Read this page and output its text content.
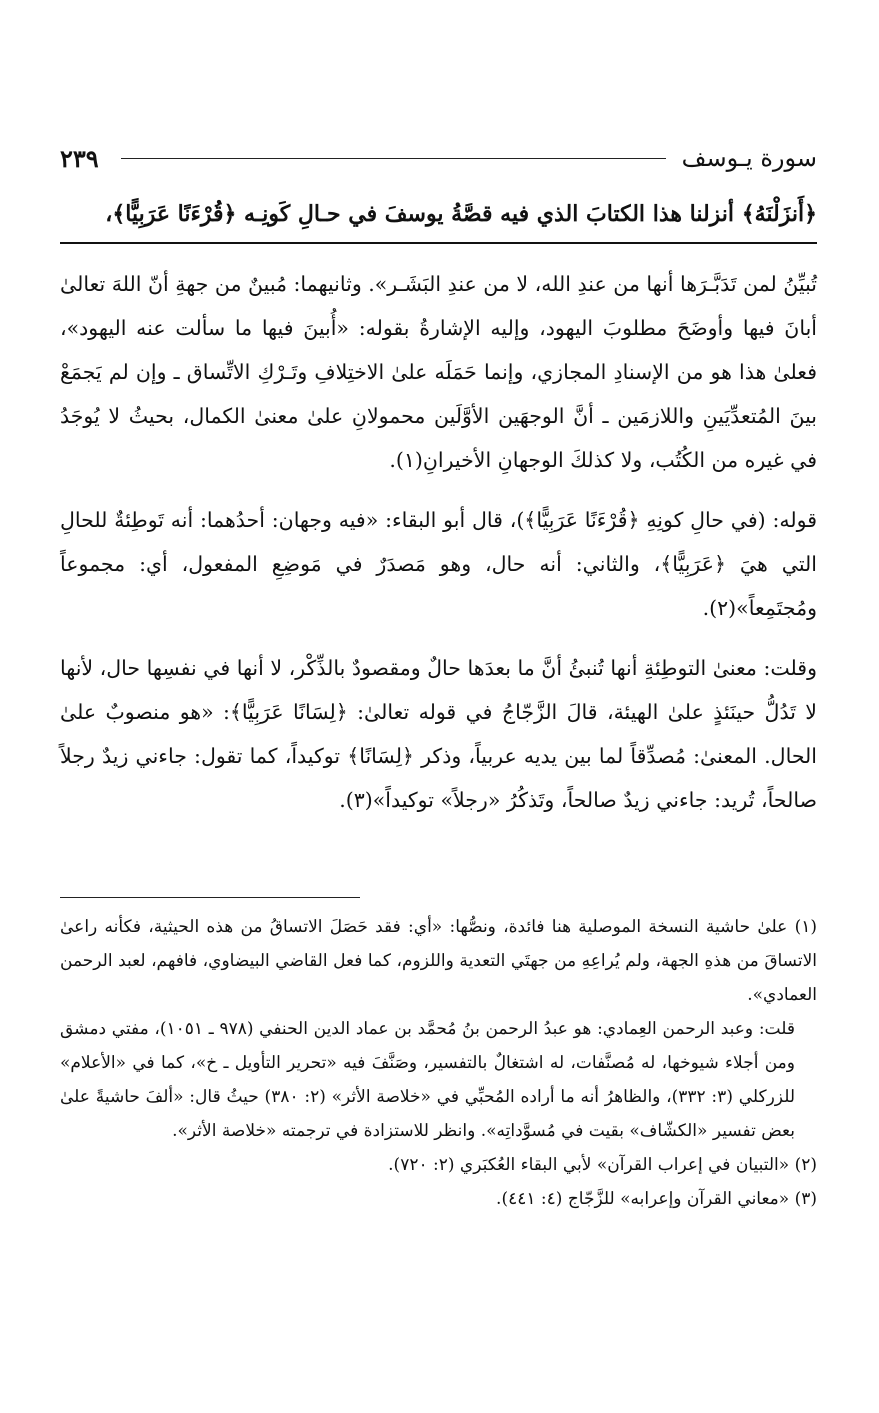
سورة يـوسف
٢٣٩
﴿أَنزَلْنَهُ﴾ أنزلنا هذا الكتابَ الذي فيه قصَّةُ يوسفَ في حـالِ كَونِـه ﴿قُرْءَنًا عَرَبِيًّا﴾،

تُبيِّنُ لمن تَدَبَّـرَها أنها من عندِ الله، لا من عندِ البَشَـر». وثانيهما: مُبينٌ من جهةِ أنّ اللهَ تعالىٰ أبانَ فيها وأوضَحَ مطلوبَ اليهود، وإليه الإشارةُ بقوله: «أُبينَ فيها ما سألت عنه اليهود»، فعلىٰ هذا هو من الإسنادِ المجازي، وإنما حَمَلَه علىٰ الاختِلافِ وتَـرْكِ الاتِّساق ـ وإن لم يَجمَعْ بينَ المُتعدِّيَينِ واللازمَين ـ أنَّ الوجهَين الأوَّلَين محمولانِ علىٰ معنىٰ الكمال، بحيثُ لا يُوجَدُ في غيره من الكُتُب، ولا كذلكَ الوجهانِ الأخيرانِ(١).

قوله: (في حالِ كونِهِ ﴿قُرْءَنًا عَرَبِيًّا﴾)، قال أبو البقاء: «فيه وجهان: أحدُهما: أنه تَوطِئةٌ للحالِ التي هيَ ﴿عَرَبِيًّا﴾، والثاني: أنه حال، وهو مَصدَرٌ في مَوضِعِ المفعول، أي: مجموعاً ومُجتَمِعاً»(٢).

وقلت: معنىٰ التوطِئةِ أنها تُنبئُ أنَّ ما بعدَها حالٌ ومقصودٌ بالذِّكْر، لا أنها في نفسِها حال، لأنها لا تَدُلُّ حينَئذٍ علىٰ الهيئة، قالَ الزَّجّاجُ في قوله تعالىٰ: ﴿لِسَانًا عَرَبِيًّا﴾: «هو منصوبٌ علىٰ الحال. المعنىٰ: مُصدِّقاً لما بين يديه عربياً، وذكر ﴿لِسَانًا﴾ توكيداً، كما تقول: جاءني زيدٌ رجلاً صالحاً، تُريد: جاءني زيدٌ صالحاً، وتَذكُرُ «رجلاً» توكيداً»(٣).

(١) علىٰ حاشية النسخة الموصلية هنا فائدة، ونصُّها: «أي: فقد حَصَلَ الاتساقُ من هذه الحيثية، فكأنه راعىٰ الاتساقَ من هذهِ الجهة، ولم يُراعِهِ من جهتَي التعدية واللزوم، كما فعل القاضي البيضاوي، فافهم، لعبد الرحمن العمادي».

قلت: وعبد الرحمن العِمادي: هو عبدُ الرحمن بنُ مُحمَّد بن عماد الدين الحنفي (٩٧٨ ـ ١٠٥١)، مفتي دمشق ومن أجلاء شيوخها، له مُصنَّفات، له اشتغالٌ بالتفسير، وصَنَّفَ فيه «تحرير التأويل ـ خ»، كما في «الأعلام» للزركلي (٣: ٣٣٢)، والظاهرُ أنه ما أراده المُحبِّي في «خلاصة الأثر» (٢: ٣٨٠) حيثُ قال: «ألفَ حاشيةً علىٰ بعض تفسير «الكشّاف» بقيت في مُسوَّداتِه». وانظر للاستزادة في ترجمته «خلاصة الأثر».

(٢) «التبيان في إعراب القرآن» لأبي البقاء العُكبَري (٢: ٧٢٠).

(٣) «معاني القرآن وإعرابه» للزَّجّاج (٤: ٤٤١).
